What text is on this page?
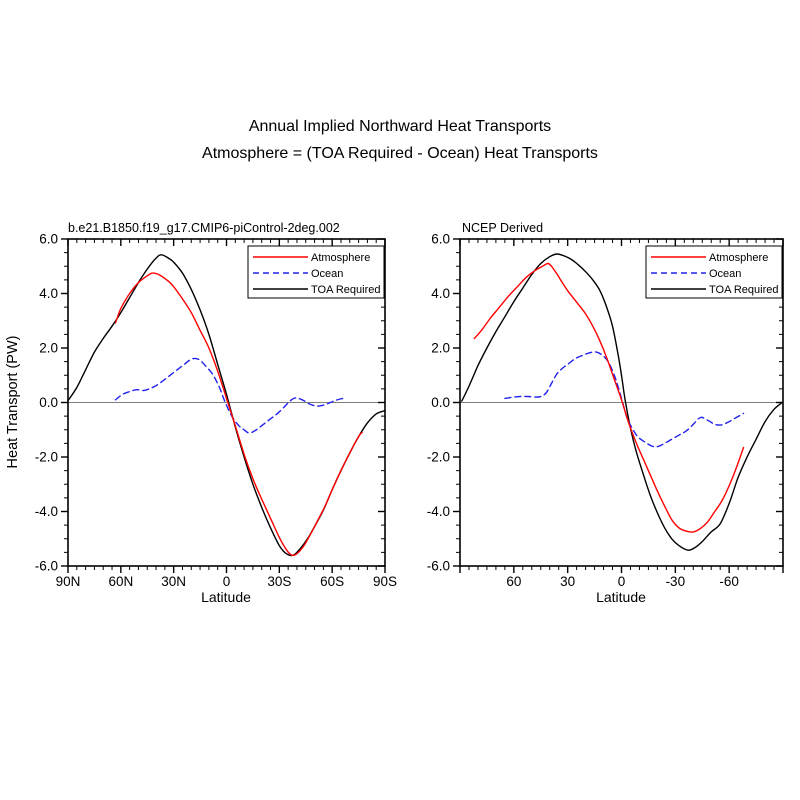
Annual Implied Northward Heat Transports
Atmosphere = (TOA Required - Ocean) Heat Transports
b.e21.B1850.f19_g17.CMIP6-piControl-2deg.002	NCEP Derived
Heat Transport (PW)
Latitude	Latitude
90N 60N 30N	0	30S 60S 90S
6.0
4.0
2.0
0.0
-2.0
-4.0
-6.0
Atmosphere
Ocean
TOA Required
60	30	0	-30	-60
6.0
4.0
2.0
0.0
-2.0
-4.0
-6.0
Atmosphere
Ocean
TOA Required
